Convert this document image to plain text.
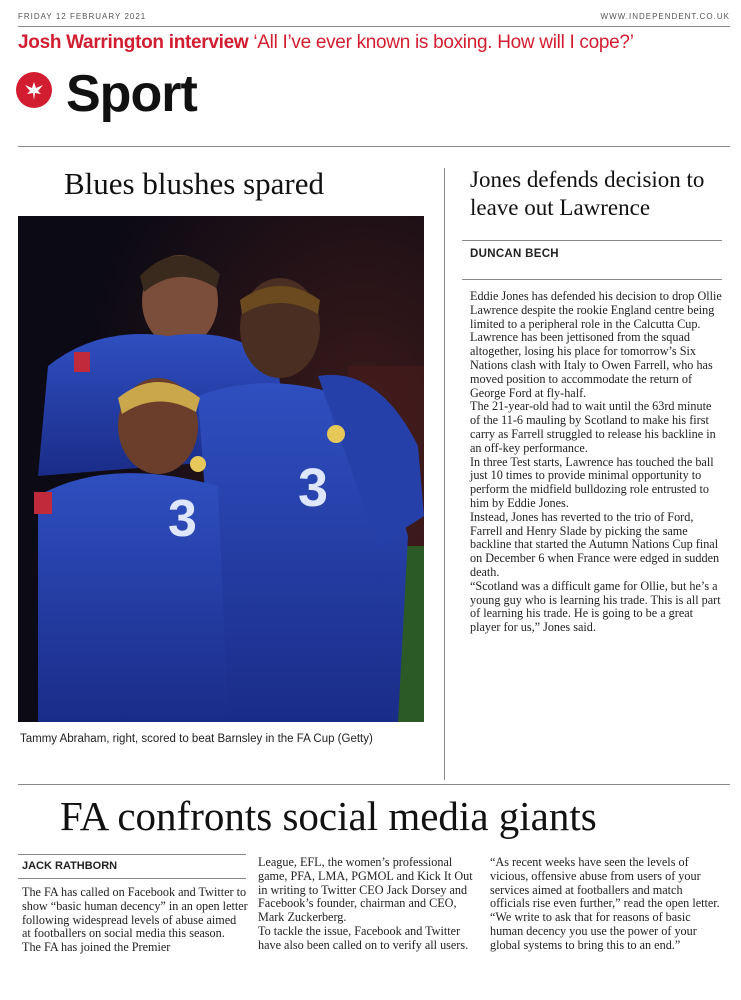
FRIDAY 12 FEBRUARY 2021	WWW.INDEPENDENT.CO.UK
Josh Warrington interview ‘All I’ve ever known is boxing. How will I cope?’
Sport
Blues blushes spared
3
3
Tammy Abraham, right, scored to beat Barnsley in the FA Cup (Getty)
Jones defends decision to leave out Lawrence
DUNCAN BECH

Eddie Jones has defended his decision to drop Ollie Lawrence despite the rookie England centre being limited to a peripheral role in the Calcutta Cup.

Lawrence has been jettisoned from the squad altogether, losing his place for tomorrow’s Six Nations clash with Italy to Owen Farrell, who has moved position to accommodate the return of George Ford at fly-half.

The 21-year-old had to wait until the 63rd minute of the 11-6 mauling by Scotland to make his first carry as Farrell struggled to release his backline in an off-key performance.

In three Test starts, Lawrence has touched the ball just 10 times to provide minimal opportunity to perform the midfield bulldozing role entrusted to him by Eddie Jones.

Instead, Jones has reverted to the trio of Ford, Farrell and Henry Slade by picking the same backline that started the Autumn Nations Cup final on December 6 when France were edged in sudden death.

“Scotland was a difficult game for Ollie, but he’s a young guy who is learning his trade. This is all part of learning his trade. He is going to be a great player for us,” Jones said.

FA confronts social media giants
JACK RATHBORN

The FA has called on Facebook and Twitter to show “basic human decency” in an open letter following widespread levels of abuse aimed at footballers on social media this season.

The FA has joined the Premier

League, EFL, the women’s professional game, PFA, LMA, PGMOL and Kick It Out in writing to Twitter CEO Jack Dorsey and Facebook’s founder, chairman and CEO, Mark Zuckerberg.

To tackle the issue, Facebook and Twitter have also been called on to verify all users.

“As recent weeks have seen the levels of vicious, offensive abuse from users of your services aimed at footballers and match officials rise even further,” read the open letter. “We write to ask that for reasons of basic human decency you use the power of your global systems to bring this to an end.”
